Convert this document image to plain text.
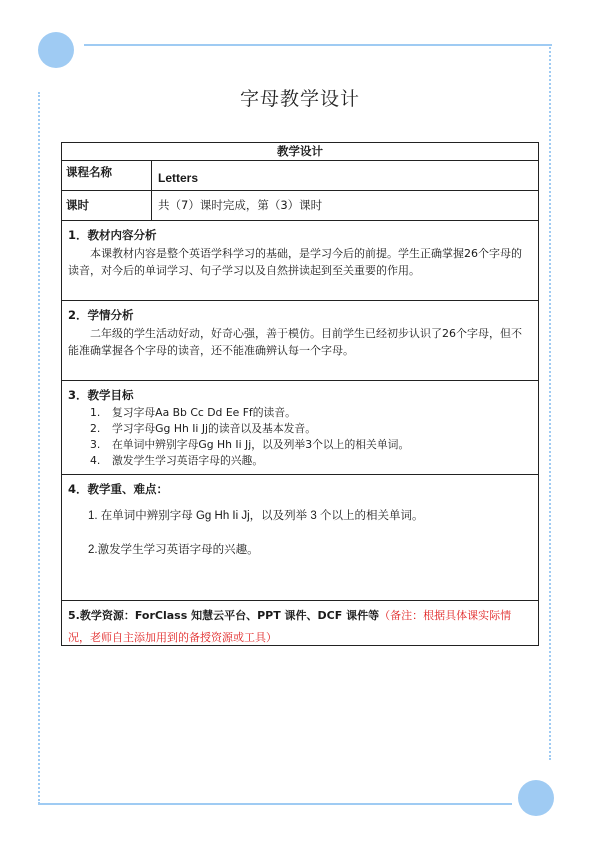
字母教学设计
教学设计
课程名称	Letters
课时	共（7）课时完成，第（3）课时
1．教材内容分析
本课教材内容是整个英语学科学习的基础，是学习今后的前提。学生正确掌握26个字母的读音，对今后的单词学习、句子学习以及自然拼读起到至关重要的作用。
2．学情分析
二年级的学生活动好动，好奇心强，善于模仿。目前学生已经初步认识了26个字母，但不能准确掌握各个字母的读音，还不能准确辨认每一个字母。
3．教学目标
1. 复习字母Aa Bb Cc Dd Ee Ff的读音。
2. 学习字母Gg Hh Ii Jj的读音以及基本发音。
3. 在单词中辨别字母Gg Hh Ii Jj，以及列举3个以上的相关单词。
4. 激发学生学习英语字母的兴趣。
4．教学重、难点：
1. 在单词中辨别字母 Gg Hh Ii Jj，以及列举 3 个以上的相关单词。
2.激发学生学习英语字母的兴趣。
5.教学资源：ForClass 知慧云平台、PPT 课件、DCF 课件等（备注：根据具体课实际情况，老师自主添加用到的备授资源或工具）
